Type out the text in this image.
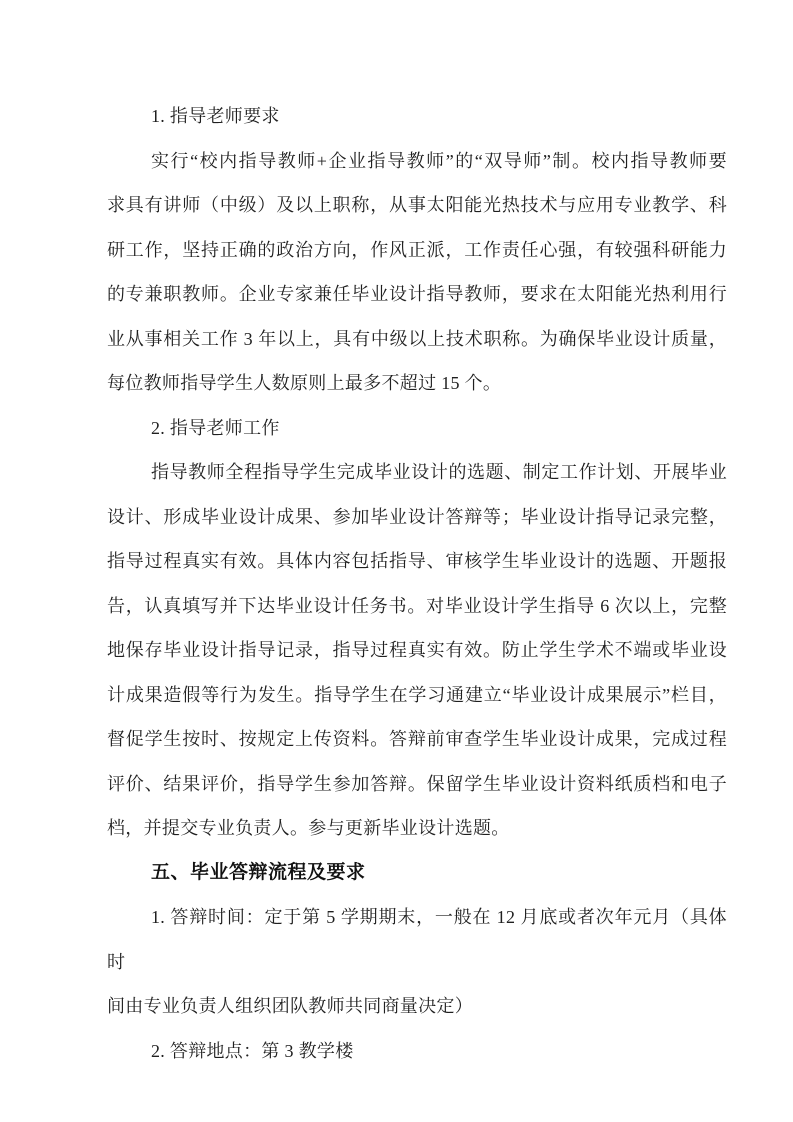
1. 指导老师要求
实行“校内指导教师+企业指导教师”的“双导师”制。校内指导教师要
求具有讲师（中级）及以上职称，从事太阳能光热技术与应用专业教学、科
研工作，坚持正确的政治方向，作风正派，工作责任心强，有较强科研能力
的专兼职教师。企业专家兼任毕业设计指导教师，要求在太阳能光热利用行
业从事相关工作 3 年以上，具有中级以上技术职称。为确保毕业设计质量，
每位教师指导学生人数原则上最多不超过 15 个。
2. 指导老师工作
指导教师全程指导学生完成毕业设计的选题、制定工作计划、开展毕业
设计、形成毕业设计成果、参加毕业设计答辩等；毕业设计指导记录完整，
指导过程真实有效。具体内容包括指导、审核学生毕业设计的选题、开题报
告，认真填写并下达毕业设计任务书。对毕业设计学生指导 6 次以上，完整
地保存毕业设计指导记录，指导过程真实有效。防止学生学术不端或毕业设
计成果造假等行为发生。指导学生在学习通建立“毕业设计成果展示”栏目，
督促学生按时、按规定上传资料。答辩前审查学生毕业设计成果，完成过程
评价、结果评价，指导学生参加答辩。保留学生毕业设计资料纸质档和电子
档，并提交专业负责人。参与更新毕业设计选题。
五、毕业答辩流程及要求
1. 答辩时间：定于第 5 学期期末，一般在 12 月底或者次年元月（具体时
间由专业负责人组织团队教师共同商量决定）
2. 答辩地点：第 3 教学楼
